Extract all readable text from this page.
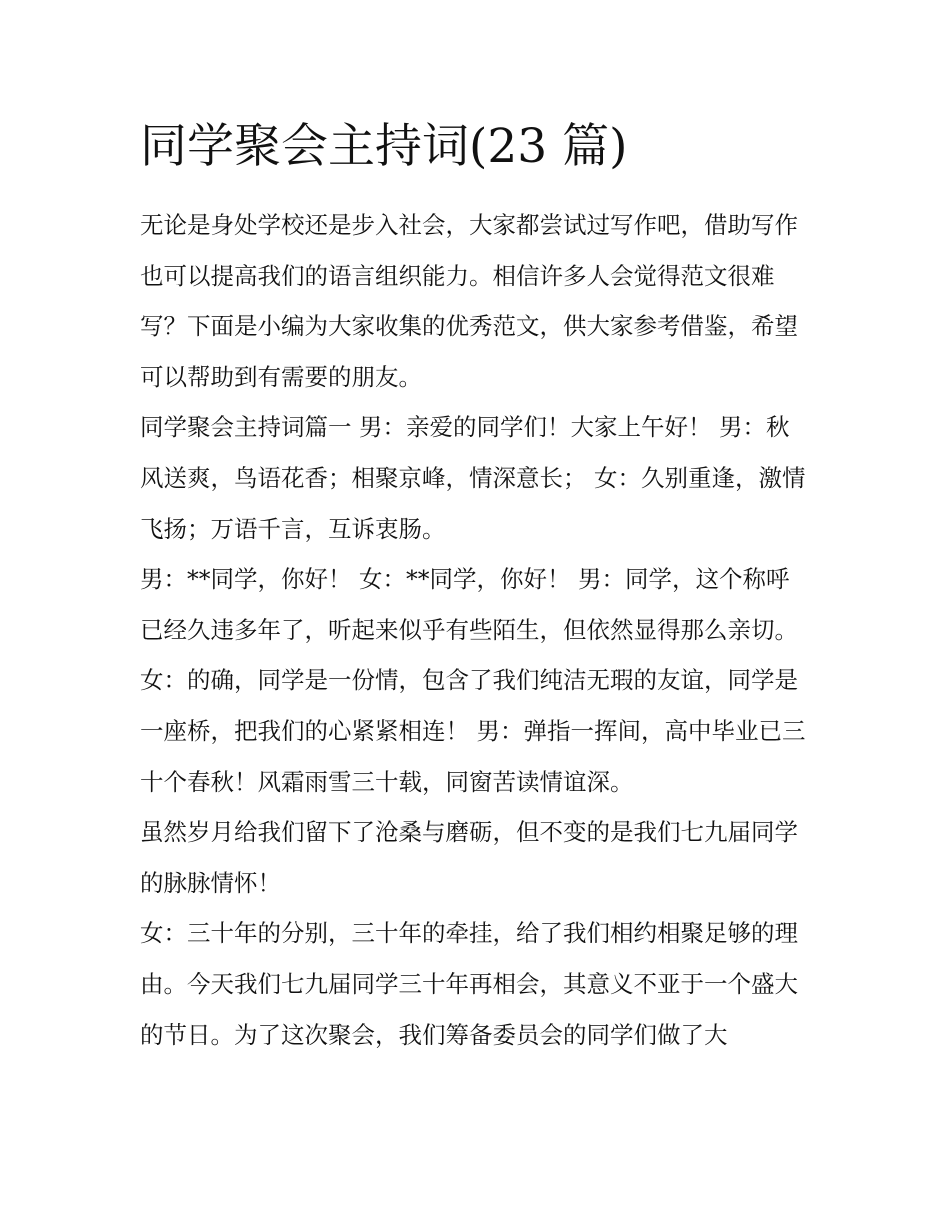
同学聚会主持词(23 篇)

无论是身处学校还是步入社会，大家都尝试过写作吧，借助写作也可以提高我们的语言组织能力。相信许多人会觉得范文很难写？下面是小编为大家收集的优秀范文，供大家参考借鉴，希望可以帮助到有需要的朋友。

同学聚会主持词篇一 男：亲爱的同学们！大家上午好！ 男：秋风送爽，鸟语花香；相聚京峰，情深意长； 女：久别重逢，激情飞扬；万语千言，互诉衷肠。

男：**同学，你好！ 女：**同学，你好！ 男：同学，这个称呼已经久违多年了，听起来似乎有些陌生，但依然显得那么亲切。

女：的确，同学是一份情，包含了我们纯洁无瑕的友谊，同学是一座桥，把我们的心紧紧相连！ 男：弹指一挥间，高中毕业已三十个春秋！风霜雨雪三十载，同窗苦读情谊深。

虽然岁月给我们留下了沧桑与磨砺，但不变的是我们七九届同学的脉脉情怀！

女：三十年的分别，三十年的牵挂，给了我们相约相聚足够的理由。今天我们七九届同学三十年再相会，其意义不亚于一个盛大的节日。为了这次聚会，我们筹备委员会的同学们做了大
